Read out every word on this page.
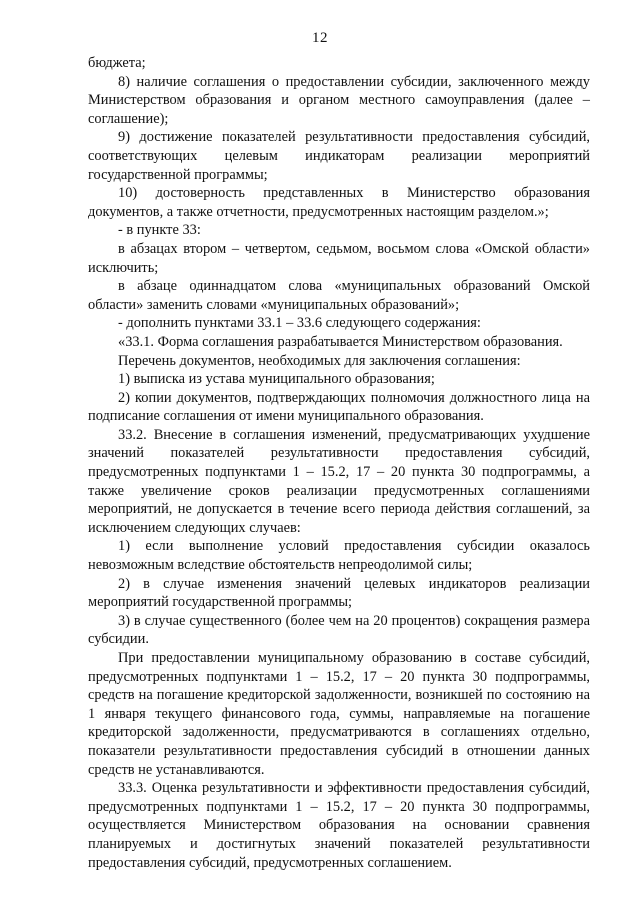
12

бюджета;

8) наличие соглашения о предоставлении субсидии, заключенного между Министерством образования и органом местного самоуправления (далее – соглашение);

9) достижение показателей результативности предоставления субсидий, соответствующих целевым индикаторам реализации мероприятий государственной программы;

10) достоверность представленных в Министерство образования документов, а также отчетности, предусмотренных настоящим разделом.»;

- в пункте 33:

в абзацах втором – четвертом, седьмом, восьмом слова «Омской области» исключить;

в абзаце одиннадцатом слова «муниципальных образований Омской области» заменить словами «муниципальных образований»;

- дополнить пунктами 33.1 – 33.6 следующего содержания:

«33.1. Форма соглашения разрабатывается Министерством образования.

Перечень документов, необходимых для заключения соглашения:

1) выписка из устава муниципального образования;

2) копии документов, подтверждающих полномочия должностного лица на подписание соглашения от имени муниципального образования.

33.2. Внесение в соглашения изменений, предусматривающих ухудшение значений показателей результативности предоставления субсидий, предусмотренных подпунктами 1 – 15.2, 17 – 20 пункта 30 подпрограммы, а также увеличение сроков реализации предусмотренных соглашениями мероприятий, не допускается в течение всего периода действия соглашений, за исключением следующих случаев:

1) если выполнение условий предоставления субсидии оказалось невозможным вследствие обстоятельств непреодолимой силы;

2) в случае изменения значений целевых индикаторов реализации мероприятий государственной программы;

3) в случае существенного (более чем на 20 процентов) сокращения размера субсидии.

При предоставлении муниципальному образованию в составе субсидий, предусмотренных подпунктами 1 – 15.2, 17 – 20 пункта 30 подпрограммы, средств на погашение кредиторской задолженности, возникшей по состоянию на 1 января текущего финансового года, суммы, направляемые на погашение кредиторской задолженности, предусматриваются в соглашениях отдельно, показатели результативности предоставления субсидий в отношении данных средств не устанавливаются.

33.3. Оценка результативности и эффективности предоставления субсидий, предусмотренных подпунктами 1 – 15.2, 17 – 20 пункта 30 подпрограммы, осуществляется Министерством образования на основании сравнения планируемых и достигнутых значений показателей результативности предоставления субсидий, предусмотренных соглашением.
